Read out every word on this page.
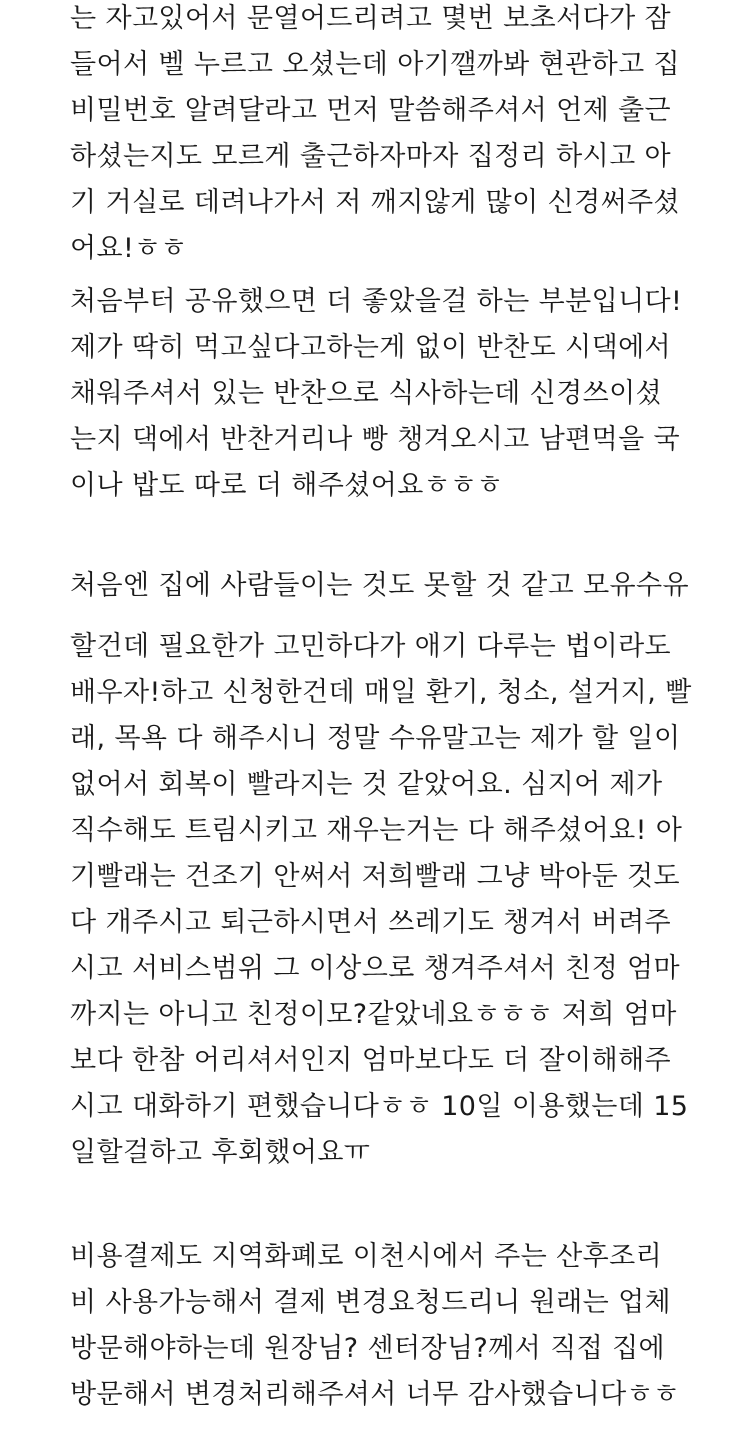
는 자고있어서 문열어드리려고 몇번 보초서다가 잠
들어서 벨 누르고 오셨는데 아기깰까봐 현관하고 집
비밀번호 알려달라고 먼저 말씀해주셔서 언제 출근
하셨는지도 모르게 출근하자마자 집정리 하시고 아
기 거실로 데려나가서 저 깨지않게 많이 신경써주셨
어요!ㅎㅎ
처음부터 공유했으면 더 좋았을걸 하는 부분입니다!
제가 딱히 먹고싶다고하는게 없이 반찬도 시댁에서
채워주셔서 있는 반찬으로 식사하는데 신경쓰이셨
는지 댁에서 반찬거리나 빵 챙겨오시고 남편먹을 국
이나 밥도 따로 더 해주셨어요ㅎㅎㅎ
처음엔 집에 사람들이는 것도 못할 것 같고 모유수유
할건데 필요한가 고민하다가 애기 다루는 법이라도
배우자!하고 신청한건데 매일 환기, 청소, 설거지, 빨
래, 목욕 다 해주시니 정말 수유말고는 제가 할 일이
없어서 회복이 빨라지는 것 같았어요. 심지어 제가
직수해도 트림시키고 재우는거는 다 해주셨어요! 아
기빨래는 건조기 안써서 저희빨래 그냥 박아둔 것도
다 개주시고 퇴근하시면서 쓰레기도 챙겨서 버려주
시고 서비스범위 그 이상으로 챙겨주셔서 친정 엄마
까지는 아니고 친정이모?같았네요ㅎㅎㅎ 저희 엄마
보다 한참 어리셔서인지 엄마보다도 더 잘이해해주
시고 대화하기 편했습니다ㅎㅎ 10일 이용했는데 15
일할걸하고 후회했어요ㅠ
비용결제도 지역화폐로 이천시에서 주는 산후조리
비 사용가능해서 결제 변경요청드리니 원래는 업체
방문해야하는데 원장님? 센터장님?께서 직접 집에
방문해서 변경처리해주셔서 너무 감사했습니다ㅎㅎ
